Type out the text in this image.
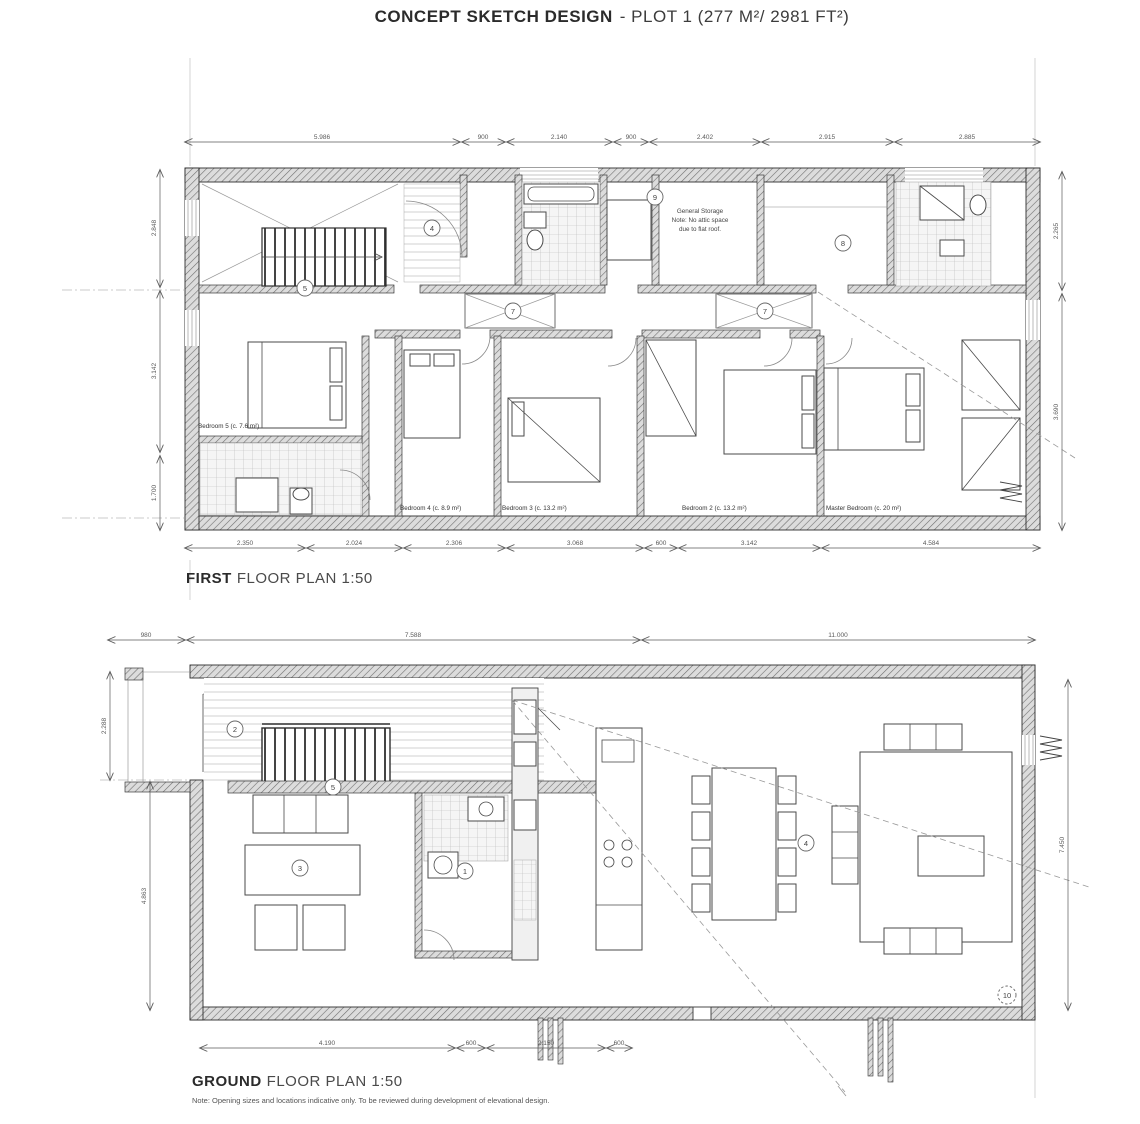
CONCEPT SKETCH DESIGN - PLOT 1 (277 M²/ 2981 FT²)
General Storage
Note: No attic space
due to flat roof.
4
9
8
5
7	7
Bedroom 5 (c. 7.6 m²)
Bedroom 4 (c. 8.9 m²)	Bedroom 3 (c. 13.2 m²)	Bedroom 2 (c. 13.2 m²)	Master Bedroom (c. 20 m²)
5.986	900	2.140	900	2.402	2.915	2.885
2.350	2.024	2.306	3.068	600	3.142	4.584
2.848
3.142
1.700
2.265
3.690
FIRST FLOOR PLAN 1:50
2
5
3	1
4
10
980	7.588	11.000
4.190	600	2.150	600
2.288
4.863
7.450
GROUND FLOOR PLAN 1:50
Note: Opening sizes and locations indicative only. To be reviewed during development of elevational design.
